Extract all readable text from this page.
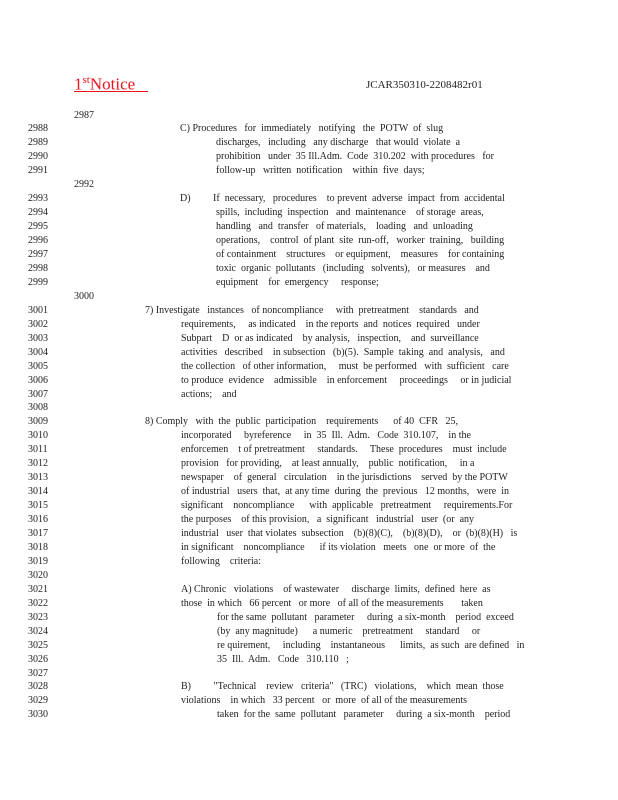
1stNotice	JCAR350310-2208482r01
2987
2988	C) Procedures   for  immediately   notifying   the  POTW  of  slug
2989	discharges,   including   any discharge   that would  violate  a
2990	prohibition   under  35 Ill.Adm.  Code  310.202  with procedures   for
2991	follow-up   written  notification    within  five  days;
2992
2993	D)         If  necessary,   procedures    to prevent  adverse  impact  from  accidental
2994	spills,  including  inspection   and  maintenance    of storage  areas,
2995	handling   and  transfer   of materials,    loading   and  unloading
2996	operations,    control  of plant  site  run-off,   worker  training,   building
2997	of containment    structures    or equipment,    measures    for containing
2998	toxic  organic  pollutants   (including   solvents),   or measures    and
2999	equipment    for  emergency     response;
3000
3001	7) Investigate   instances   of noncompliance     with  pretreatment    standards   and
3002	requirements,     as indicated    in the reports  and  notices  required   under
3003	Subpart    D  or as indicated    by analysis,   inspection,    and  surveillance
3004	activities   described    in subsection   (b)(5).  Sample  taking  and  analysis,   and
3005	the collection   of other information,     must  be performed   with  sufficient   care
3006	to produce  evidence    admissible    in enforcement     proceedings     or in judicial
3007	actions;    and
3008
3009	8) Comply   with  the  public  participation    requirements      of 40  CFR   25,
3010	incorporated     byreference     in  35  Ill.  Adm.   Code  310.107,    in the
3011	enforcemen    t of pretreatment     standards.     These  procedures    must  include
3012	provision   for providing,    at least annually,    public  notification,     in a
3013	newspaper    of  general   circulation    in the jurisdictions    served  by the POTW
3014	of industrial   users  that,  at any time  during  the  previous   12 months,   were  in
3015	significant    noncompliance      with  applicable   pretreatment     requirements.For
3016	the purposes    of this provision,   a  significant   industrial   user  (or  any
3017	industrial   user  that violates  subsection    (b)(8)(C),    (b)(8)(D),    or  (b)(8)(H)   is
3018	in significant    noncompliance      if its violation   meets   one  or more  of  the
3019	following    criteria:
3020
3021	A) Chronic   violations    of wastewater     discharge  limits,  defined  here  as
3022	those  in which   66 percent   or more   of all of the measurements       taken
3023	for the same  pollutant   parameter     during  a six-month    period  exceed
3024	(by  any magnitude)      a numeric    pretreatment     standard     or
3025	re quirement,     including    instantaneous      limits,  as such  are defined   in
3026	35  Ill.  Adm.   Code   310.110   ;
3027
3028	B)         "Technical    review   criteria"   (TRC)   violations,    which  mean  those
3029	violations    in which   33 percent   or  more  of all of the measurements
3030	taken  for the  same  pollutant   parameter     during  a six-month    period
